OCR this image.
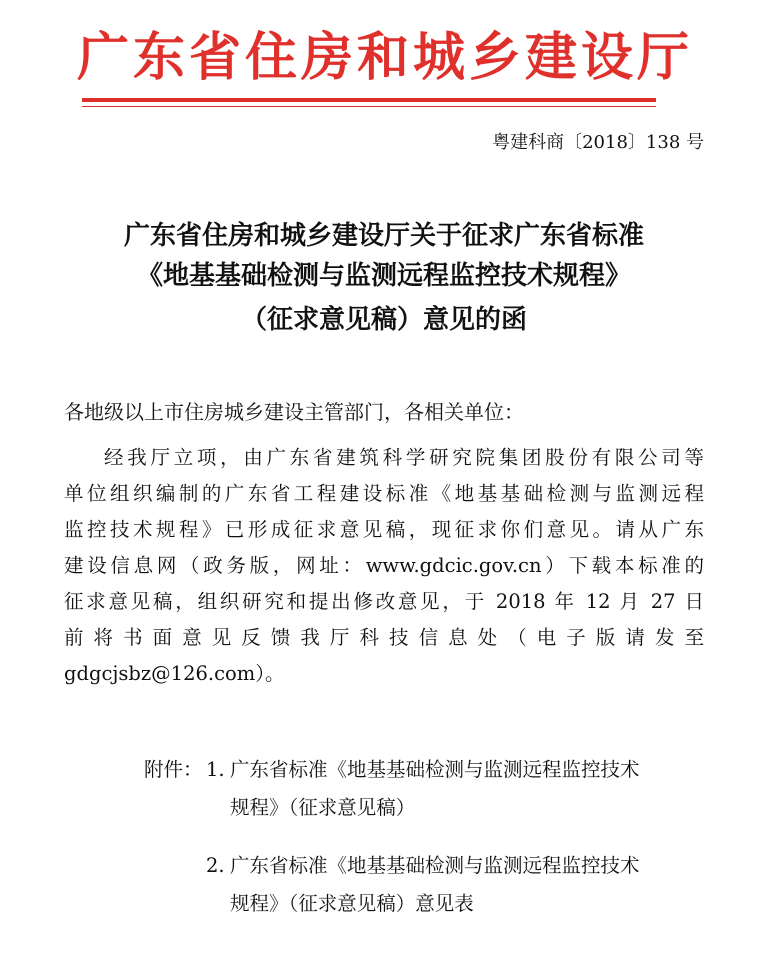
广东省住房和城乡建设厅
粤建科商〔2018〕138 号
广东省住房和城乡建设厅关于征求广东省标准
《地基基础检测与监测远程监控技术规程》
（征求意见稿）意见的函
各地级以上市住房城乡建设主管部门，各相关单位：
经我厅立项，由广东省建筑科学研究院集团股份有限公司等
单位组织编制的广东省工程建设标准《地基基础检测与监测远程
监控技术规程》已形成征求意见稿，现征求你们意见。请从广东
建设信息网（政务版，网址：www.gdcic.gov.cn）下载本标准的
征求意见稿，组织研究和提出修改意见，于 2018 年 12 月 27 日
前将书面意见反馈我厅科技信息处（电子版请发至
gdgcjsbz@126.com）。
附件： 1. 广东省标准《地基基础检测与监测远程监控技术
规程》（征求意见稿）
2. 广东省标准《地基基础检测与监测远程监控技术
规程》（征求意见稿）意见表
